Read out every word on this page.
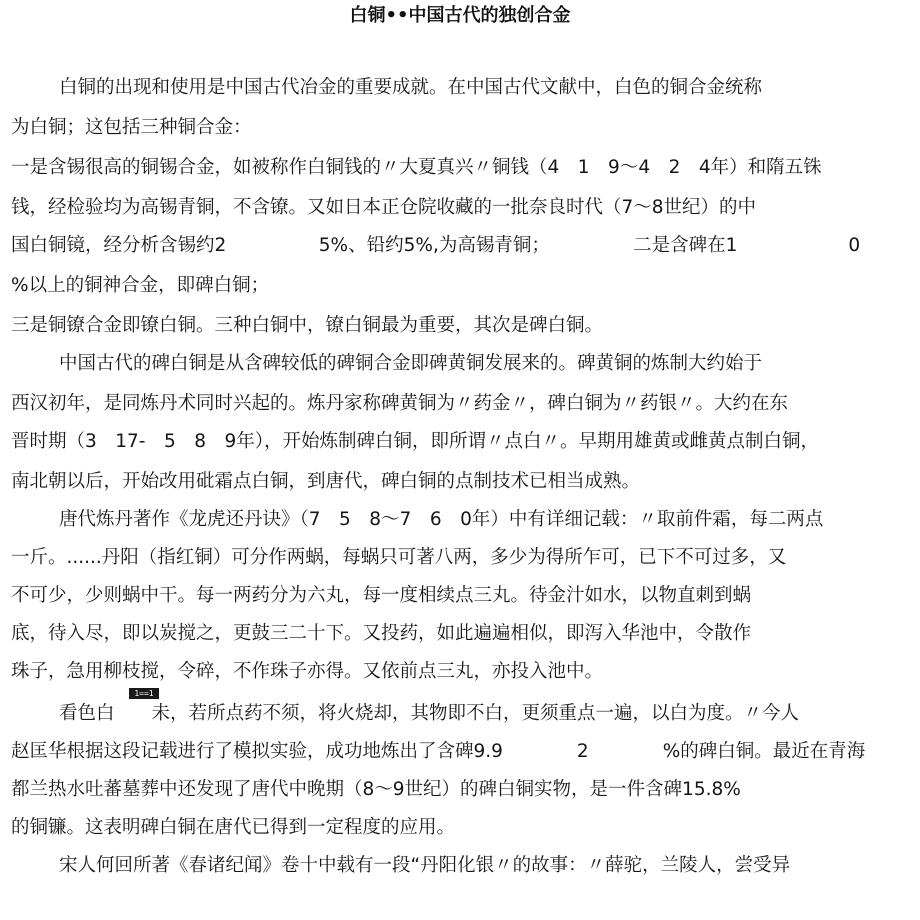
白铜••中国古代的独创合金
白铜的出现和使用是中国古代冶金的重要成就。在中国古代文献中，白色的铜合金统称
为白铜；这包括三种铜合金：
一是含锡很高的铜锡合金，如被称作白铜钱的〃大夏真兴〃铜钱（4　1　9〜4　2　4年）和隋五铢
钱，经检验均为高锡青铜，不含镣。又如日本正仓院收藏的一批奈良时代（7〜8世纪）的中
国白铜镜，经分析含锡约2　　　　　5%、铅约5%,为高锡青铜；　　　　　二是含碑在1　　　　　　0
%以上的铜神合金，即碑白铜；
三是铜镣合金即镣白铜。三种白铜中，镣白铜最为重要，其次是碑白铜。
中国古代的碑白铜是从含碑较低的碑铜合金即碑黄铜发展来的。碑黄铜的炼制大约始于
西汉初年，是同炼丹术同时兴起的。炼丹家称碑黄铜为〃药金〃，碑白铜为〃药银〃。大约在东
晋时期（3　17-　5　8　9年），开始炼制碑白铜，即所谓〃点白〃。早期用雄黄或雌黄点制白铜，
南北朝以后，开始改用砒霜点白铜，到唐代，碑白铜的点制技术已相当成熟。
唐代炼丹著作《龙虎还丹诀》（7　5　8〜7　6　0年）中有详细记载：〃取前件霜，每二两点
一斤。......丹阳（指红铜）可分作两蜗，每蜗只可著八两，多少为得所乍可，已下不可过多，又
不可少，少则蜗中干。每一两药分为六丸，每一度相续点三丸。待金汁如水，以物直刺到蜗
底，待入尽，即以炭搅之，更鼓三二十下。又投药，如此遍遍相似，即泻入华池中，令散作
珠子，急用柳枝搅，令碎，不作珠子亦得。又依前点三丸，亦投入池中。
1==1
看色白　　未，若所点药不须，将火烧却，其物即不白，更须重点一遍，以白为度。〃今人
赵匡华根据这段记载进行了模拟实验，成功地炼出了含碑9.9　　　　2　　　　%的碑白铜。最近在青海
都兰热水吐蕃墓葬中还发现了唐代中晚期（8〜9世纪）的碑白铜实物，是一件含碑15.8%
的铜镰。这表明碑白铜在唐代已得到一定程度的应用。
宋人何回所著《春诸纪闻》卷十中载有一段“丹阳化银〃的故事：〃薛驼，兰陵人，尝受异
